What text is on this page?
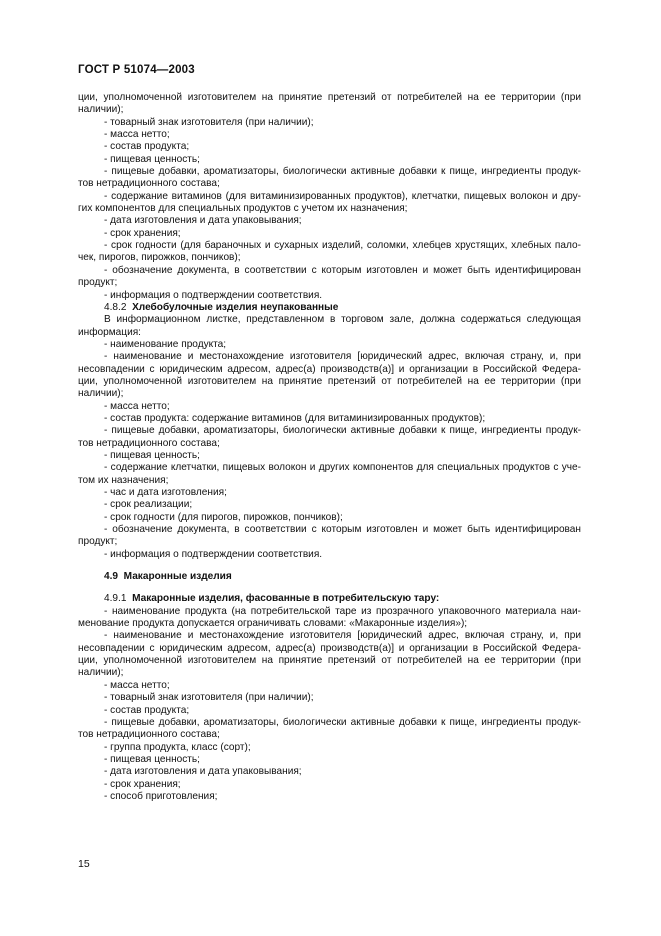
ГОСТ Р 51074—2003
ции, уполномоченной изготовителем на принятие претензий от потребителей на ее территории (при
наличии);
- товарный знак изготовителя (при наличии);
- масса нетто;
- состав продукта;
- пищевая ценность;
- пищевые добавки, ароматизаторы, биологически активные добавки к пище, ингредиенты продук-
тов нетрадиционного состава;
- содержание витаминов (для витаминизированных продуктов), клетчатки, пищевых волокон и дру-
гих компонентов для специальных продуктов с учетом их назначения;
- дата изготовления и дата упаковывания;
- срок хранения;
- срок годности (для бараночных и сухарных изделий, соломки, хлебцев хрустящих, хлебных пало-
чек, пирогов, пирожков, пончиков);
- обозначение документа, в соответствии с которым изготовлен и может быть идентифицирован
продукт;
- информация о подтверждении соответствия.
4.8.2 Хлебобулочные изделия неупакованные
В информационном листке, представленном в торговом зале, должна содержаться следующая
информация:
- наименование продукта;
- наименование и местонахождение изготовителя [юридический адрес, включая страну, и, при
несовпадении с юридическим адресом, адрес(а) производств(а)] и организации в Российской Федера-
ции, уполномоченной изготовителем на принятие претензий от потребителей на ее территории (при
наличии);
- масса нетто;
- состав продукта: содержание витаминов (для витаминизированных продуктов);
- пищевые добавки, ароматизаторы, биологически активные добавки к пище, ингредиенты продук-
тов нетрадиционного состава;
- пищевая ценность;
- содержание клетчатки, пищевых волокон и других компонентов для специальных продуктов с уче-
том их назначения;
- час и дата изготовления;
- срок реализации;
- срок годности (для пирогов, пирожков, пончиков);
- обозначение документа, в соответствии с которым изготовлен и может быть идентифицирован
продукт;
- информация о подтверждении соответствия.
4.9 Макаронные изделия
4.9.1 Макаронные изделия, фасованные в потребительскую тару:
- наименование продукта (на потребительской таре из прозрачного упаковочного материала наи-
менование продукта допускается ограничивать словами: «Макаронные изделия»);
- наименование и местонахождение изготовителя [юридический адрес, включая страну, и, при
несовпадении с юридическим адресом, адрес(а) производств(а)] и организации в Российской Федера-
ции, уполномоченной изготовителем на принятие претензий от потребителей на ее территории (при
наличии);
- масса нетто;
- товарный знак изготовителя (при наличии);
- состав продукта;
- пищевые добавки, ароматизаторы, биологически активные добавки к пище, ингредиенты продук-
тов нетрадиционного состава;
- группа продукта, класс (сорт);
- пищевая ценность;
- дата изготовления и дата упаковывания;
- срок хранения;
- способ приготовления;
15
